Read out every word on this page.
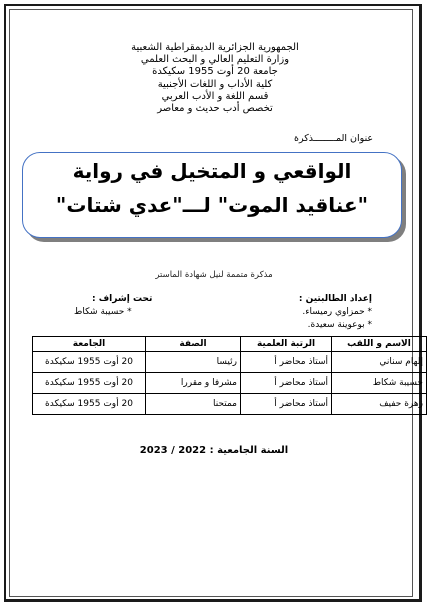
الجمهورية الجزائرية الديمقراطية الشعبية
وزارة التعليم العالي و البحث العلمي
جامعة 20 أوت 1955 سكيكدة
كلية الأداب و اللغات الأجنبية
قسم اللغة و الأدب العربي
تخصص أدب حديث و معاصر
عنوان المــــــــذكرة
الواقعي و المتخيل في رواية
"عناقيد الموت" لـــ"عدي شتات"
مذكرة متممة لنيل شهادة الماستر
إعداد الطالبتين :
تحت إشراف :
* حمزاوي رميساء.
* بوعوينة سعيدة.
* حسيبة شكاط
الاسم و اللقب	الرتبة العلمية	الصفة	الجامعة
إلهام سناني	أستاذ محاضر أ	رئيسا	20 أوت 1955 سكيكدة
حسيبة شكاط	أستاذ محاضر أ	مشرفا و مقررا	20 أوت 1955 سكيكدة
زهرة حفيف	أستاذ محاضر أ	ممتحنا	20 أوت 1955 سكيكدة
السنة الجامعية : 2022 / 2023
